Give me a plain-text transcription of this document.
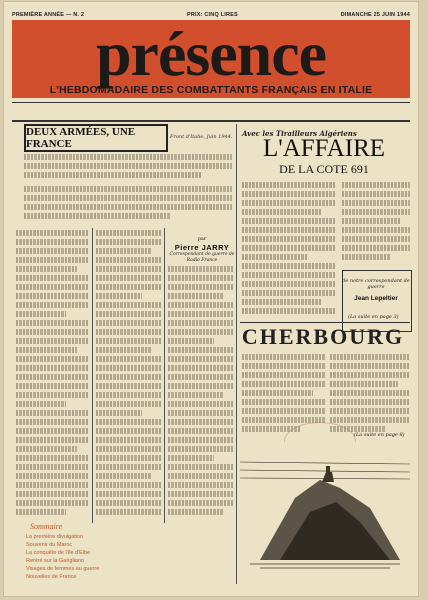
PREMIÈRE ANNÉE — N. 2	PRIX: CINQ LIRES	DIMANCHE 25 JUIN 1944
présence
L'HEBDOMADAIRE DES COMBATTANTS FRANÇAIS EN ITALIE
DEUX ARMÉES, UNE FRANCE
Front d'Italie, Juin 1944. Avec les Tirailleurs Algériens
L'AFFAIRE
DE LA COTE 691
par
Pierre JARRY
Correspondant de guerre de Radio France
de notre correspondant de guerre
Jean Lepeltier
(La suite en page 3)
CHERBOURG
(La suite en page 8)
Sommaire
La première divulgation
Souvenir du Maroc
La conquête de l'île d'Elbe
Rentré sur la Garigliano
Visages de femmes au guerre
Nouvelles de France
